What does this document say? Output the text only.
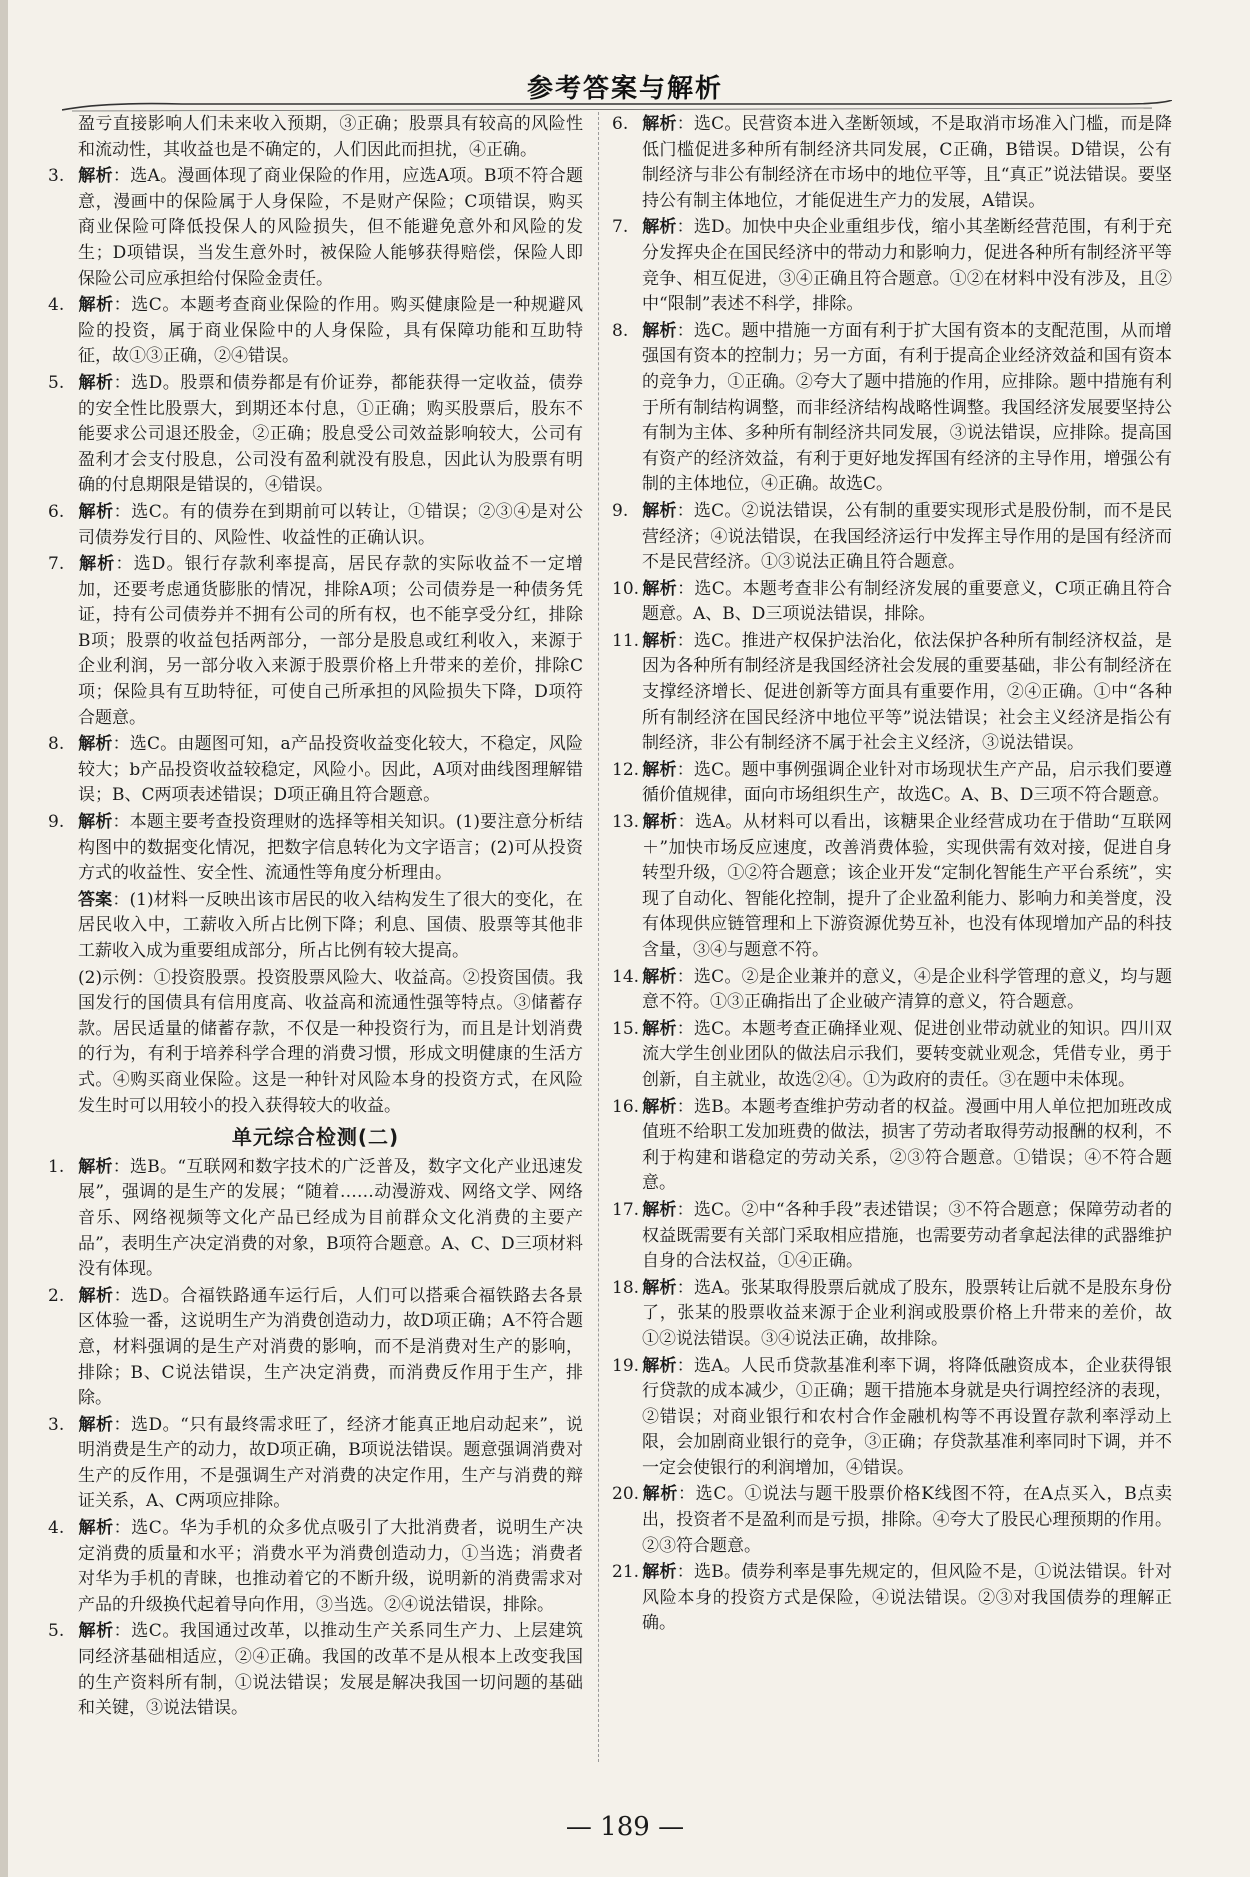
参考答案与解析

盈亏直接影响人们未来收入预期，③正确；股票具有较高的风险性和流动性，其收益也是不确定的，人们因此而担扰，④正确。

3. 解析：选A。漫画体现了商业保险的作用，应选A项。B项不符合题意，漫画中的保险属于人身保险，不是财产保险；C项错误，购买商业保险可降低投保人的风险损失，但不能避免意外和风险的发生；D项错误，当发生意外时，被保险人能够获得赔偿，保险人即保险公司应承担给付保险金责任。
4. 解析：选C。本题考查商业保险的作用。购买健康险是一种规避风险的投资，属于商业保险中的人身保险，具有保障功能和互助特征，故①③正确，②④错误。
5. 解析：选D。股票和债券都是有价证券，都能获得一定收益，债券的安全性比股票大，到期还本付息，①正确；购买股票后，股东不能要求公司退还股金，②正确；股息受公司效益影响较大，公司有盈利才会支付股息，公司没有盈利就没有股息，因此认为股票有明确的付息期限是错误的，④错误。
6. 解析：选C。有的债券在到期前可以转让，①错误；②③④是对公司债券发行目的、风险性、收益性的正确认识。
7. 解析：选D。银行存款利率提高，居民存款的实际收益不一定增加，还要考虑通货膨胀的情况，排除A项；公司债券是一种债务凭证，持有公司债券并不拥有公司的所有权，也不能享受分红，排除B项；股票的收益包括两部分，一部分是股息或红利收入，来源于企业利润，另一部分收入来源于股票价格上升带来的差价，排除C项；保险具有互助特征，可使自己所承担的风险损失下降，D项符合题意。
8. 解析：选C。由题图可知，a产品投资收益变化较大，不稳定，风险较大；b产品投资收益较稳定，风险小。因此，A项对曲线图理解错误；B、C两项表述错误；D项正确且符合题意。
9. 解析：本题主要考查投资理财的选择等相关知识。(1)要注意分析结构图中的数据变化情况，把数字信息转化为文字语言；(2)可从投资方式的收益性、安全性、流通性等角度分析理由。

答案：(1)材料一反映出该市居民的收入结构发生了很大的变化，在居民收入中，工薪收入所占比例下降；利息、国债、股票等其他非工薪收入成为重要组成部分，所占比例有较大提高。

(2)示例：①投资股票。投资股票风险大、收益高。②投资国债。我国发行的国债具有信用度高、收益高和流通性强等特点。③储蓄存款。居民适量的储蓄存款，不仅是一种投资行为，而且是计划消费的行为，有利于培养科学合理的消费习惯，形成文明健康的生活方式。④购买商业保险。这是一种针对风险本身的投资方式，在风险发生时可以用较小的投入获得较大的收益。

单元综合检测(二)
1. 解析：选B。“互联网和数字技术的广泛普及，数字文化产业迅速发展”，强调的是生产的发展；“随着……动漫游戏、网络文学、网络音乐、网络视频等文化产品已经成为目前群众文化消费的主要产品”，表明生产决定消费的对象，B项符合题意。A、C、D三项材料没有体现。
2. 解析：选D。合福铁路通车运行后，人们可以搭乘合福铁路去各景区体验一番，这说明生产为消费创造动力，故D项正确；A不符合题意，材料强调的是生产对消费的影响，而不是消费对生产的影响，排除；B、C说法错误，生产决定消费，而消费反作用于生产，排除。
3. 解析：选D。“只有最终需求旺了，经济才能真正地启动起来”，说明消费是生产的动力，故D项正确，B项说法错误。题意强调消费对生产的反作用，不是强调生产对消费的决定作用，生产与消费的辩证关系，A、C两项应排除。
4. 解析：选C。华为手机的众多优点吸引了大批消费者，说明生产决定消费的质量和水平；消费水平为消费创造动力，①当选；消费者对华为手机的青睐，也推动着它的不断升级，说明新的消费需求对产品的升级换代起着导向作用，③当选。②④说法错误，排除。
5. 解析：选C。我国通过改革，以推动生产关系同生产力、上层建筑同经济基础相适应，②④正确。我国的改革不是从根本上改变我国的生产资料所有制，①说法错误；发展是解决我国一切问题的基础和关键，③说法错误。
6. 解析：选C。民营资本进入垄断领域，不是取消市场准入门槛，而是降低门槛促进多种所有制经济共同发展，C正确，B错误。D错误，公有制经济与非公有制经济在市场中的地位平等，且“真正”说法错误。要坚持公有制主体地位，才能促进生产力的发展，A错误。
7. 解析：选D。加快中央企业重组步伐，缩小其垄断经营范围，有利于充分发挥央企在国民经济中的带动力和影响力，促进各种所有制经济平等竞争、相互促进，③④正确且符合题意。①②在材料中没有涉及，且②中“限制”表述不科学，排除。
8. 解析：选C。题中措施一方面有利于扩大国有资本的支配范围，从而增强国有资本的控制力；另一方面，有利于提高企业经济效益和国有资本的竞争力，①正确。②夸大了题中措施的作用，应排除。题中措施有利于所有制结构调整，而非经济结构战略性调整。我国经济发展要坚持公有制为主体、多种所有制经济共同发展，③说法错误，应排除。提高国有资产的经济效益，有利于更好地发挥国有经济的主导作用，增强公有制的主体地位，④正确。故选C。
9. 解析：选C。②说法错误，公有制的重要实现形式是股份制，而不是民营经济；④说法错误，在我国经济运行中发挥主导作用的是国有经济而不是民营经济。①③说法正确且符合题意。
10. 解析：选C。本题考查非公有制经济发展的重要意义，C项正确且符合题意。A、B、D三项说法错误，排除。
11. 解析：选C。推进产权保护法治化，依法保护各种所有制经济权益，是因为各种所有制经济是我国经济社会发展的重要基础，非公有制经济在支撑经济增长、促进创新等方面具有重要作用，②④正确。①中“各种所有制经济在国民经济中地位平等”说法错误；社会主义经济是指公有制经济，非公有制经济不属于社会主义经济，③说法错误。
12. 解析：选C。题中事例强调企业针对市场现状生产产品，启示我们要遵循价值规律，面向市场组织生产，故选C。A、B、D三项不符合题意。
13. 解析：选A。从材料可以看出，该糖果企业经营成功在于借助“互联网＋”加快市场反应速度，改善消费体验，实现供需有效对接，促进自身转型升级，①②符合题意；该企业开发“定制化智能生产平台系统”，实现了自动化、智能化控制，提升了企业盈利能力、影响力和美誉度，没有体现供应链管理和上下游资源优势互补，也没有体现增加产品的科技含量，③④与题意不符。
14. 解析：选C。②是企业兼并的意义，④是企业科学管理的意义，均与题意不符。①③正确指出了企业破产清算的意义，符合题意。
15. 解析：选C。本题考查正确择业观、促进创业带动就业的知识。四川双流大学生创业团队的做法启示我们，要转变就业观念，凭借专业，勇于创新，自主就业，故选②④。①为政府的责任。③在题中未体现。
16. 解析：选B。本题考查维护劳动者的权益。漫画中用人单位把加班改成值班不给职工发加班费的做法，损害了劳动者取得劳动报酬的权利，不利于构建和谐稳定的劳动关系，②③符合题意。①错误；④不符合题意。
17. 解析：选C。②中“各种手段”表述错误；③不符合题意；保障劳动者的权益既需要有关部门采取相应措施，也需要劳动者拿起法律的武器维护自身的合法权益，①④正确。
18. 解析：选A。张某取得股票后就成了股东，股票转让后就不是股东身份了，张某的股票收益来源于企业利润或股票价格上升带来的差价，故①②说法错误。③④说法正确，故排除。
19. 解析：选A。人民币贷款基准利率下调，将降低融资成本，企业获得银行贷款的成本减少，①正确；题干措施本身就是央行调控经济的表现，②错误；对商业银行和农村合作金融机构等不再设置存款利率浮动上限，会加剧商业银行的竞争，③正确；存贷款基准利率同时下调，并不一定会使银行的利润增加，④错误。
20. 解析：选C。①说法与题干股票价格K线图不符，在A点买入，B点卖出，投资者不是盈利而是亏损，排除。④夸大了股民心理预期的作用。②③符合题意。
21. 解析：选B。债券利率是事先规定的，但风险不是，①说法错误。针对风险本身的投资方式是保险，④说法错误。②③对我国债券的理解正确。
— 189 —
